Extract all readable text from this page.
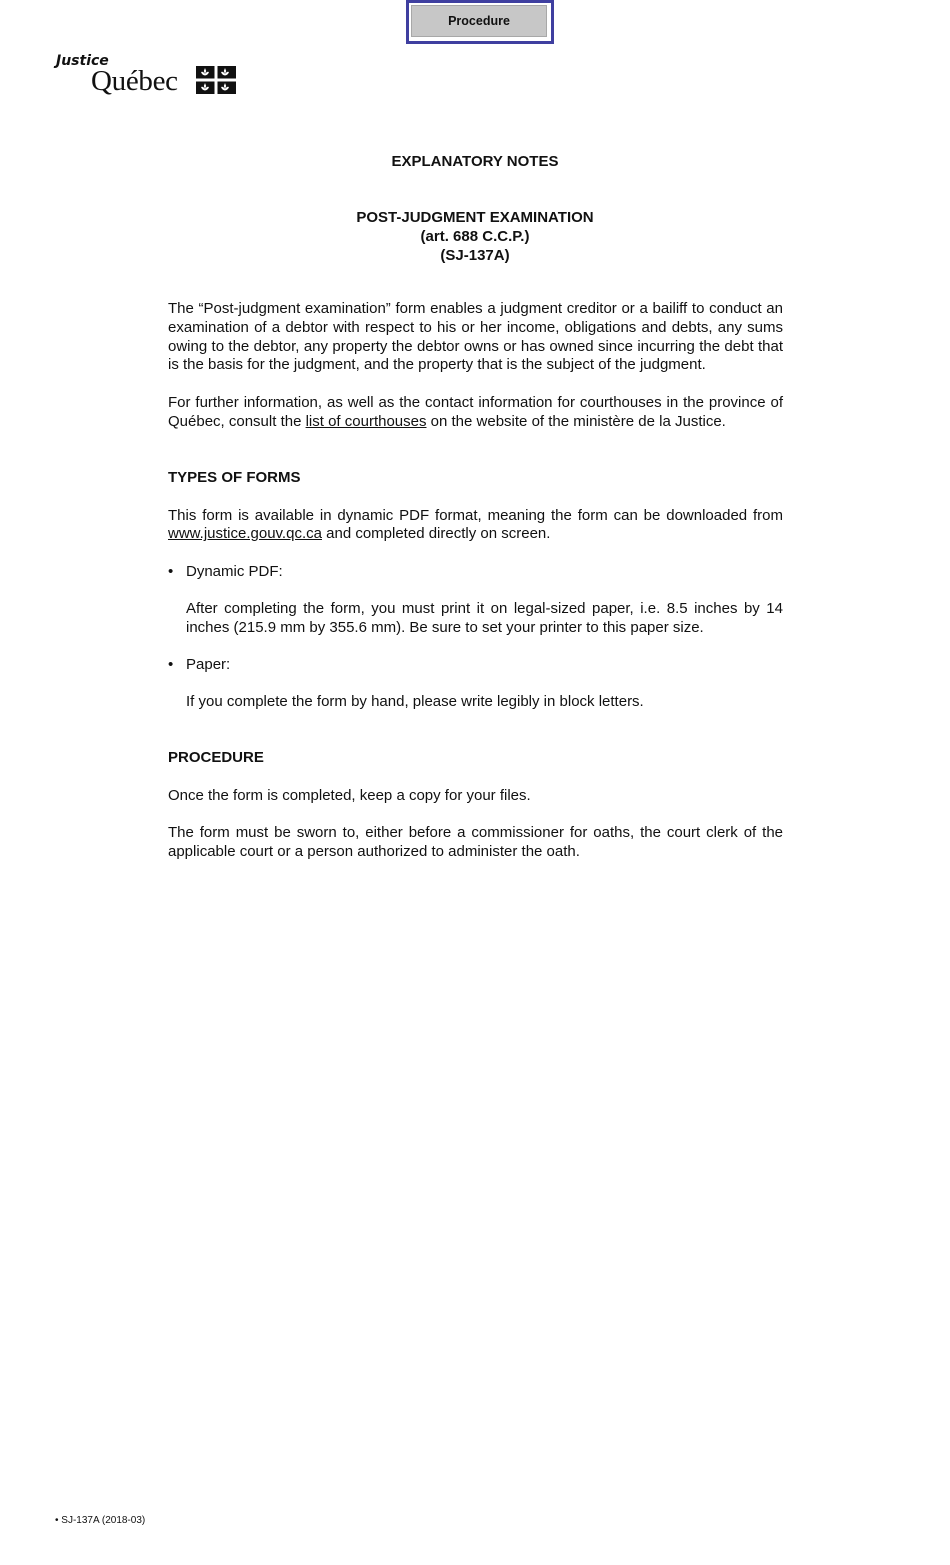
Procedure
Justice
Québec
EXPLANATORY NOTES
POST-JUDGMENT EXAMINATION
(art. 688 C.C.P.)
(SJ-137A)

The “Post-judgment examination” form enables a judgment creditor or a bailiff to conduct an examination of a debtor with respect to his or her income, obligations and debts, any sums owing to the debtor, any property the debtor owns or has owned since incurring the debt that is the basis for the judgment, and the property that is the subject of the judgment.

For further information, as well as the contact information for courthouses in the province of Québec, consult the list of courthouses on the website of the ministère de la Justice.

TYPES OF FORMS

This form is available in dynamic PDF format, meaning the form can be downloaded from www.justice.gouv.qc.ca and completed directly on screen.

• Dynamic PDF:

After completing the form, you must print it on legal-sized paper, i.e. 8.5 inches by 14 inches (215.9 mm by 355.6 mm). Be sure to set your printer to this paper size.

• Paper:

If you complete the form by hand, please write legibly in block letters.

PROCEDURE

Once the form is completed, keep a copy for your files.

The form must be sworn to, either before a commissioner for oaths, the court clerk of the applicable court or a person authorized to administer the oath.

• SJ-137A (2018-03)
